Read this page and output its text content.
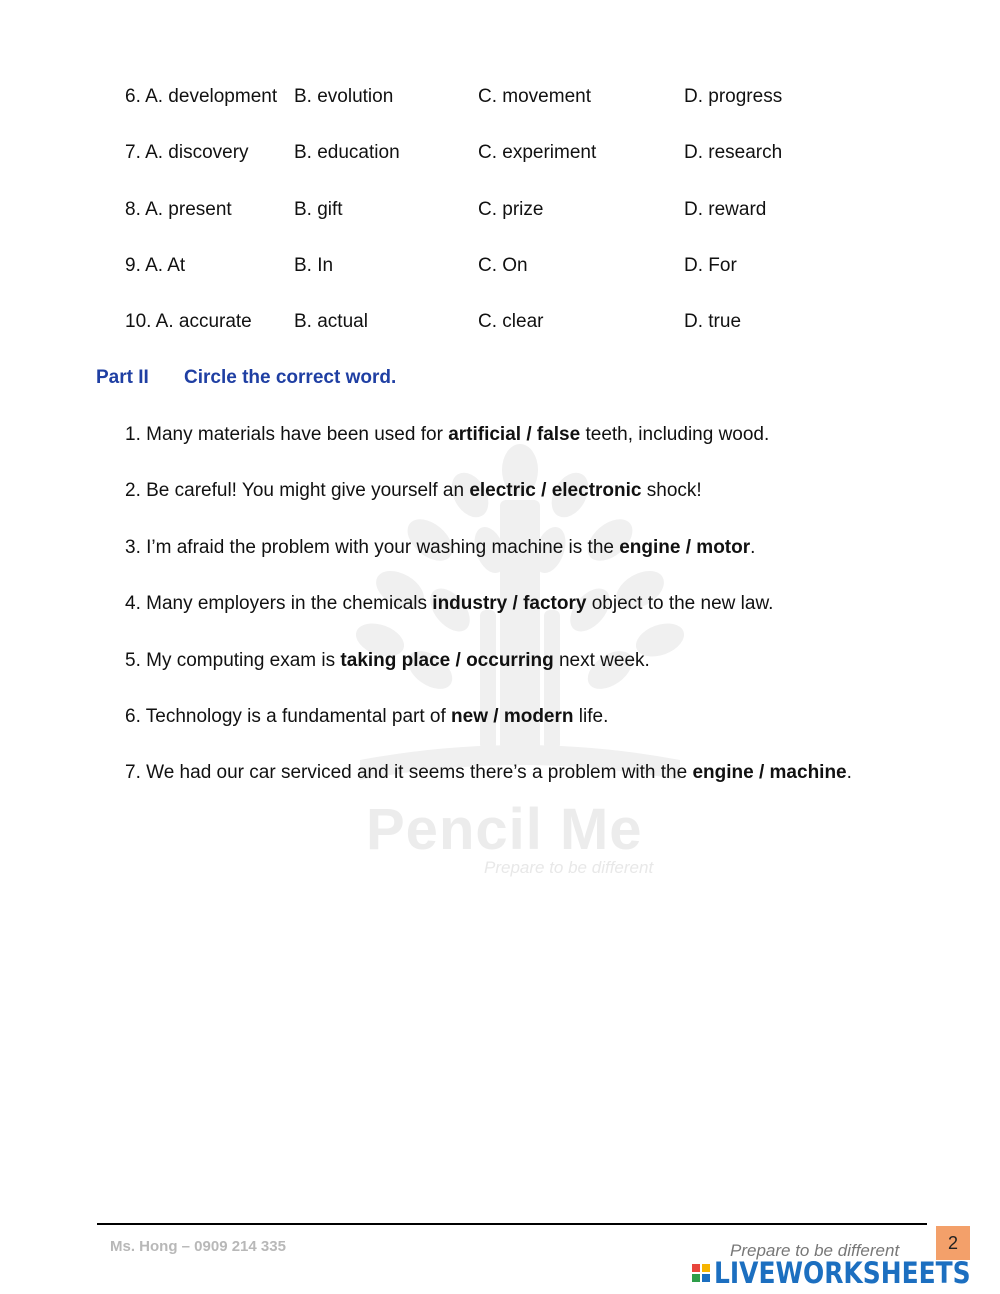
Pencil Me
Prepare to be different
6. A. development B. evolution	C. movement	D. progress
7. A. discovery B. education	C. experiment	D. research
8. A. present	B. gift	C. prize	D. reward
9. A. At	B. In	C. On	D. For
10. A. accurate B. actual	C. clear	D. true
Part II Circle the correct word.
1. Many materials have been used for artificial / false teeth, including wood.
2. Be careful! You might give yourself an electric / electronic shock!
3. I’m afraid the problem with your washing machine is the engine / motor.
4. Many employers in the chemicals industry / factory object to the new law.
5. My computing exam is taking place / occurring next week.
6. Technology is a fundamental part of new / modern life.
7. We had our car serviced and it seems there’s a problem with the engine / machine.
Ms. Hong – 0909 214 335	Prepare to be different	2
LIVEWORKSHEETS
